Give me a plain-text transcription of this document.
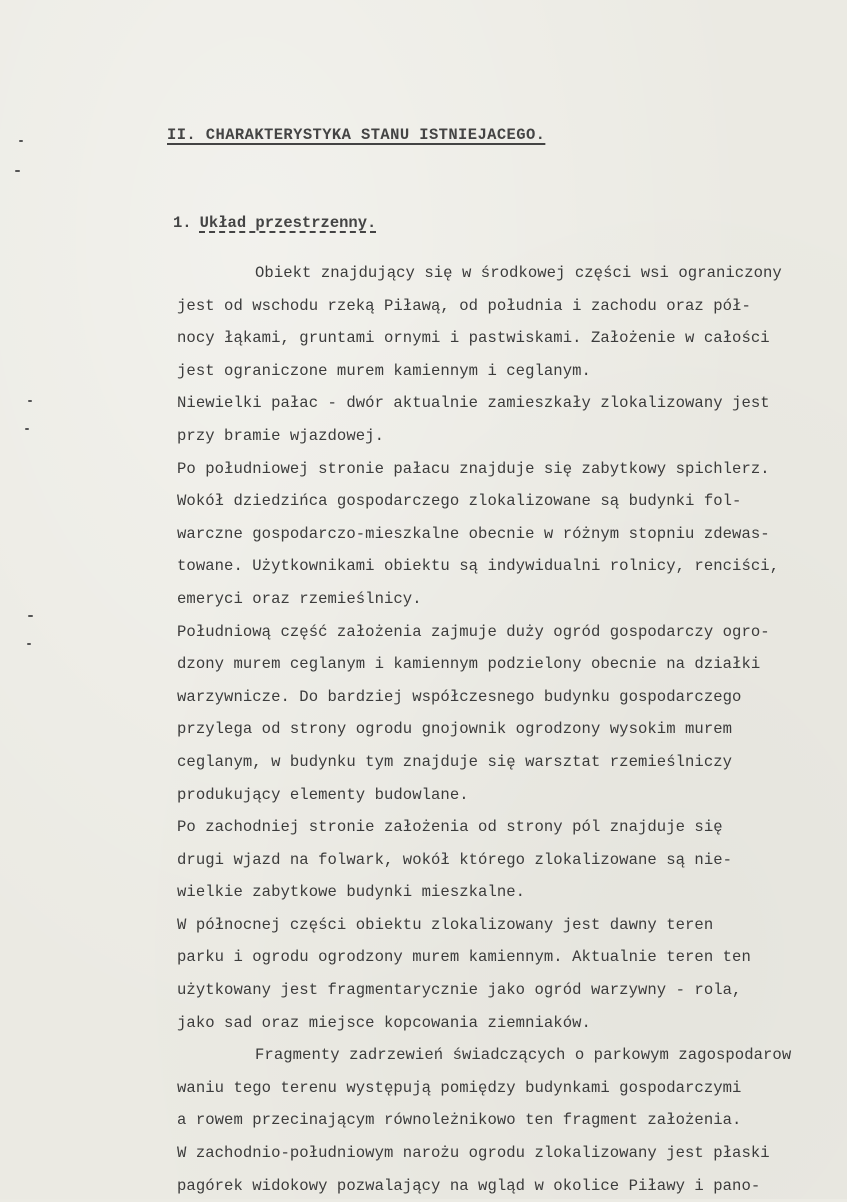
II. CHARAKTERYSTYKA STANU ISTNIEJACEGO.
1. Układ przestrzenny.
Obiekt znajdujący się w środkowej części wsi ograniczony
jest od wschodu rzeką Piławą, od południa i zachodu oraz pół-
nocy łąkami, gruntami ornymi i pastwiskami. Założenie w całości
jest ograniczone murem kamiennym i ceglanym.
Niewielki pałac - dwór aktualnie zamieszkały zlokalizowany jest
przy bramie wjazdowej.
Po południowej stronie pałacu znajduje się zabytkowy spichlerz.
Wokół dziedzińca gospodarczego zlokalizowane są budynki fol-
warczne gospodarczo-mieszkalne obecnie w różnym stopniu zdewas-
towane. Użytkownikami obiektu są indywidualni rolnicy, renciści,
emeryci oraz rzemieślnicy.
Południową część założenia zajmuje duży ogród gospodarczy ogro-
dzony murem ceglanym i kamiennym podzielony obecnie na działki
warzywnicze. Do bardziej współczesnego budynku gospodarczego
przylega od strony ogrodu gnojownik ogrodzony wysokim murem
ceglanym, w budynku tym znajduje się warsztat rzemieślniczy
produkujący elementy budowlane.
Po zachodniej stronie założenia od strony pól znajduje się
drugi wjazd na folwark, wokół którego zlokalizowane są nie-
wielkie zabytkowe budynki mieszkalne.
W północnej części obiektu zlokalizowany jest dawny teren
parku i ogrodu ogrodzony murem kamiennym. Aktualnie teren ten
użytkowany jest fragmentarycznie jako ogród warzywny - rola,
jako sad oraz miejsce kopcowania ziemniaków.
Fragmenty zadrzewień świadczących o parkowym zagospodarow
waniu tego terenu występują pomiędzy budynkami gospodarczymi
a rowem przecinającym równoleżnikowo ten fragment założenia.
W zachodnio-południowym narożu ogrodu zlokalizowany jest płaski
pagórek widokowy pozwalający na wgląd w okolice Piławy i pano-
